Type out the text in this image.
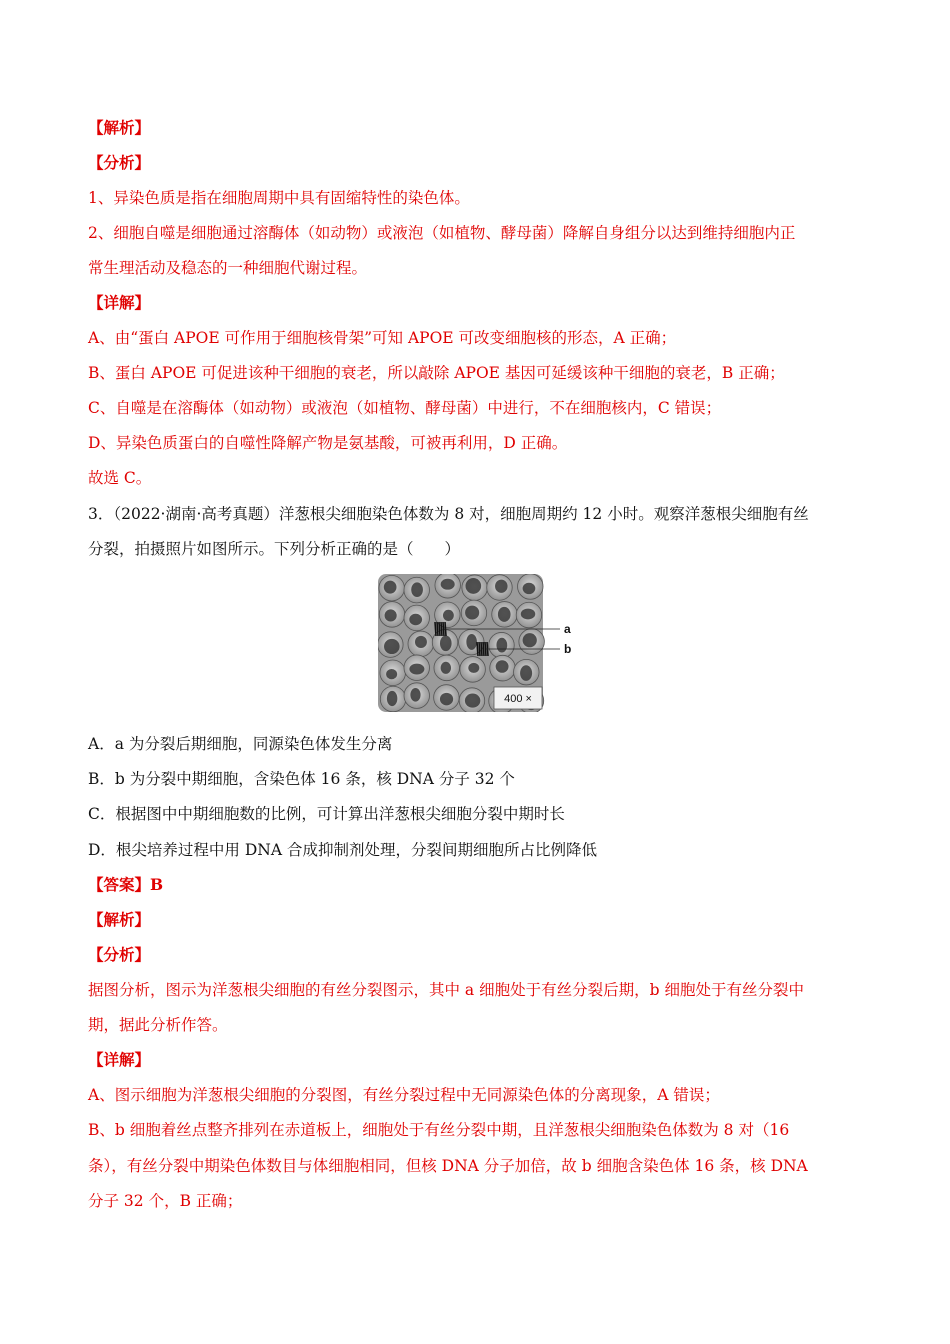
【解析】
【分析】
1、异染色质是指在细胞周期中具有固缩特性的染色体。
2、细胞自噬是细胞通过溶酶体（如动物）或液泡（如植物、酵母菌）降解自身组分以达到维持细胞内正
常生理活动及稳态的一种细胞代谢过程。
【详解】
A、由“蛋白 APOE 可作用于细胞核骨架”可知 APOE 可改变细胞核的形态，A 正确；
B、蛋白 APOE 可促进该种干细胞的衰老，所以敲除 APOE 基因可延缓该种干细胞的衰老，B 正确；
C、自噬是在溶酶体（如动物）或液泡（如植物、酵母菌）中进行，不在细胞核内，C 错误；
D、异染色质蛋白的自噬性降解产物是氨基酸，可被再利用，D 正确。
故选 C。
3．（2022·湖南·高考真题）洋葱根尖细胞染色体数为 8 对，细胞周期约 12 小时。观察洋葱根尖细胞有丝
分裂，拍摄照片如图所示。下列分析正确的是（　　）
A．a 为分裂后期细胞，同源染色体发生分离
B．b 为分裂中期细胞，含染色体 16 条，核 DNA 分子 32 个
C．根据图中中期细胞数的比例，可计算出洋葱根尖细胞分裂中期时长
D．根尖培养过程中用 DNA 合成抑制剂处理，分裂间期细胞所占比例降低
【答案】B
【解析】
【分析】
据图分析，图示为洋葱根尖细胞的有丝分裂图示，其中 a 细胞处于有丝分裂后期，b 细胞处于有丝分裂中
期，据此分析作答。
【详解】
A、图示细胞为洋葱根尖细胞的分裂图，有丝分裂过程中无同源染色体的分离现象，A 错误；
B、b 细胞着丝点整齐排列在赤道板上，细胞处于有丝分裂中期，且洋葱根尖细胞染色体数为 8 对（16
条），有丝分裂中期染色体数目与体细胞相同，但核 DNA 分子加倍，故 b 细胞含染色体 16 条，核 DNA
分子 32 个，B 正确；
400 ×
a
b
